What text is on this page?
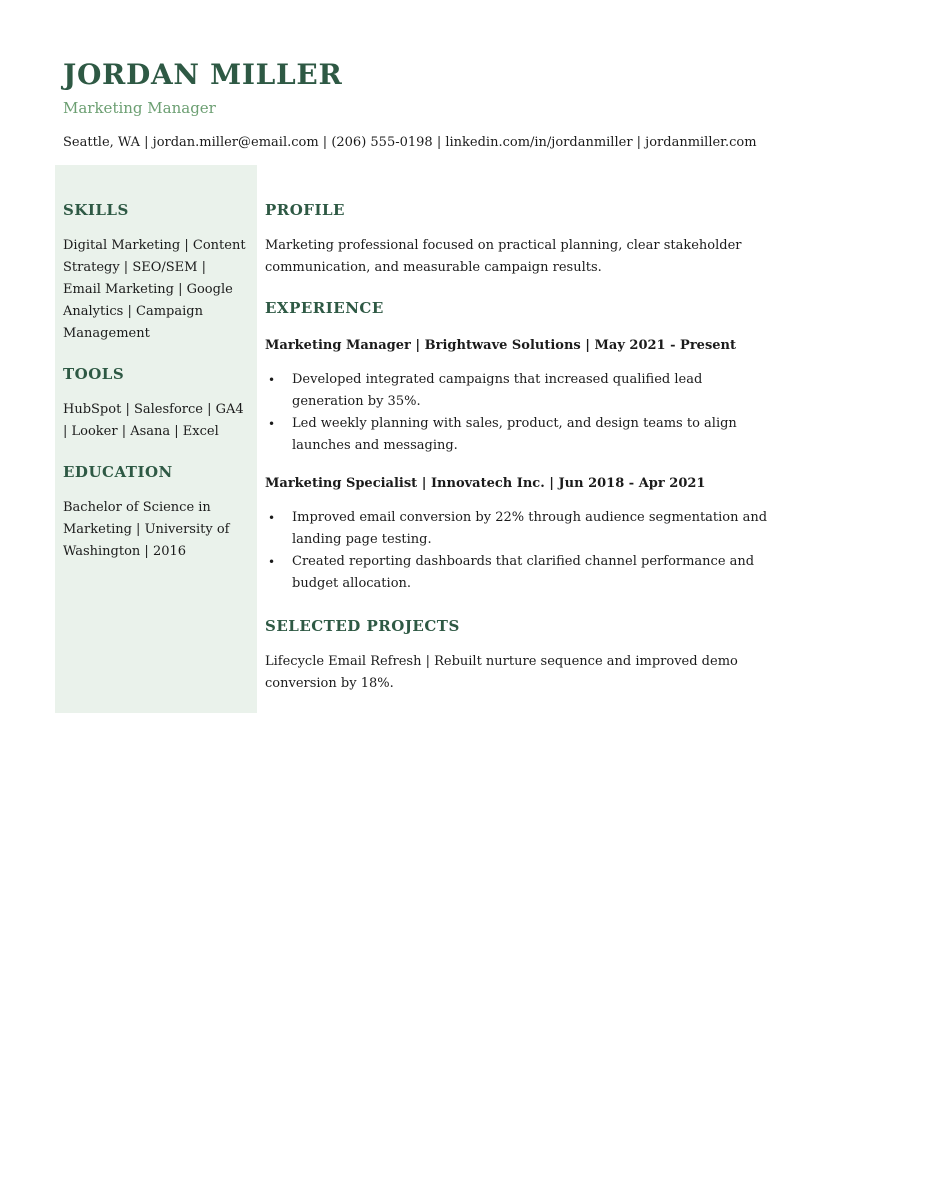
JORDAN MILLER
Marketing Manager
Seattle, WA | jordan.miller@email.com | (206) 555-0198 | linkedin.com/in/jordanmiller | jordanmiller.com
SKILLS

Digital Marketing | Content Strategy | SEO/SEM | Email Marketing | Google Analytics | Campaign Management

TOOLS

HubSpot | Salesforce | GA4 | Looker | Asana | Excel

EDUCATION

Bachelor of Science in Marketing | University of Washington | 2016

PROFILE

Marketing professional focused on practical planning, clear stakeholder communication, and measurable campaign results.

EXPERIENCE
Marketing Manager | Brightwave Solutions | May 2021 - Present
•	Developed integrated campaigns that increased qualified lead generation by 35%.
•	Led weekly planning with sales, product, and design teams to align launches and messaging.
Marketing Specialist | Innovatech Inc. | Jun 2018 - Apr 2021
•	Improved email conversion by 22% through audience segmentation and landing page testing.
•	Created reporting dashboards that clarified channel performance and budget allocation.
SELECTED PROJECTS

Lifecycle Email Refresh | Rebuilt nurture sequence and improved demo conversion by 18%.
